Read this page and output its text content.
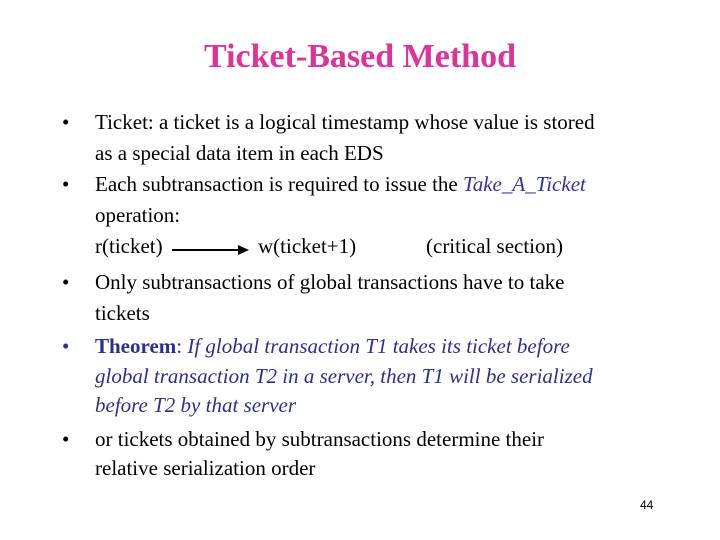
Ticket-Based Method
• Ticket: a ticket is a logical timestamp whose value is stored
as a special data item in each EDS
• Each subtransaction is required to issue the Take_A_Ticket
operation:
r(ticket)	w(ticket+1)	(critical section)
• Only subtransactions of global transactions have to take
tickets
• Theorem: If global transaction T1 takes its ticket before
global transaction T2 in a server, then T1 will be serialized
before T2 by that server
• or tickets obtained by subtransactions determine their
relative serialization order
44
